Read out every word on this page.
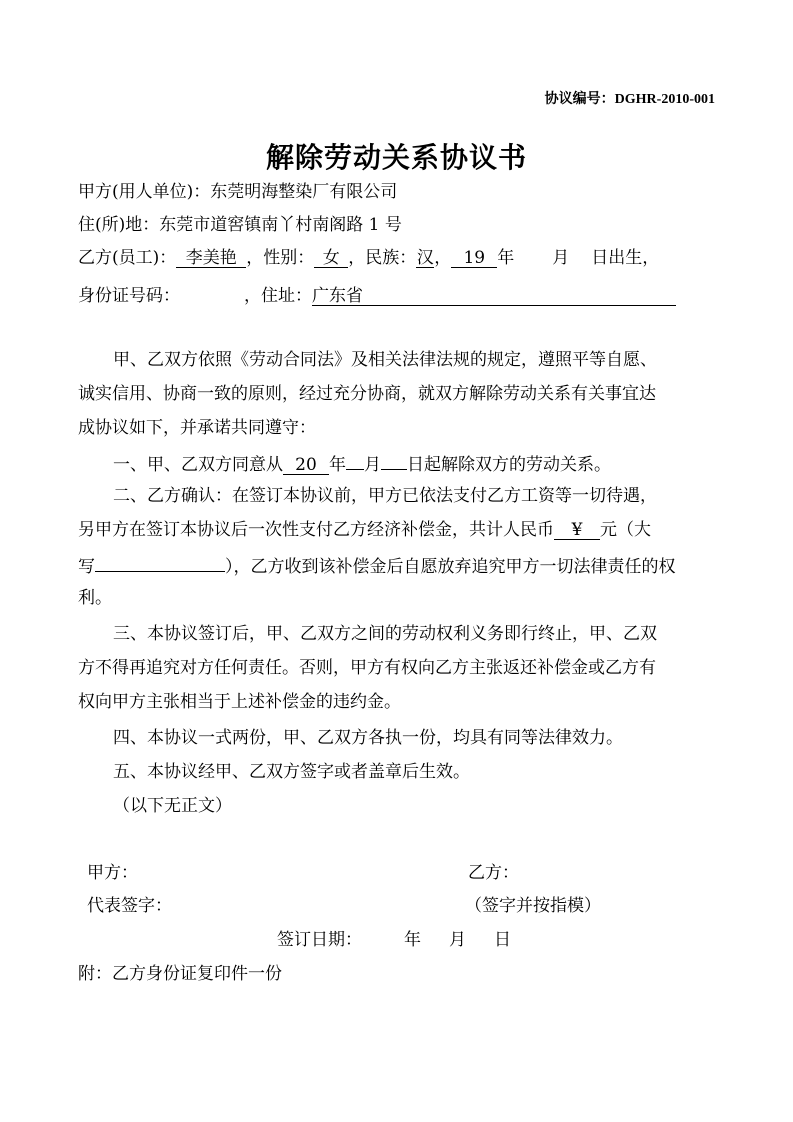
协议编号：DGHR-2010-001
解除劳动关系协议书
甲方(用人单位)：东莞明海整染厂有限公司
住(所)地：东莞市道窖镇南丫村南阁路 1 号
乙方(员工)： 李美艳 ，性别： 女 ，民族：汉， 19 年 月 日出生，
身份证号码：	，住址：广东省
甲、乙双方依照《劳动合同法》及相关法律法规的规定，遵照平等自愿、
诚实信用、协商一致的原则，经过充分协商，就双方解除劳动关系有关事宜达
成协议如下，并承诺共同遵守：
一、甲、乙双方同意从 20 年 月 日起解除双方的劳动关系。
二、乙方确认：在签订本协议前，甲方已依法支付乙方工资等一切待遇，
另甲方在签订本协议后一次性支付乙方经济补偿金，共计人民币 ¥ 元（大
写	），乙方收到该补偿金后自愿放弃追究甲方一切法律责任的权
利。
三、本协议签订后，甲、乙双方之间的劳动权利义务即行终止，甲、乙双
方不得再追究对方任何责任。否则，甲方有权向乙方主张返还补偿金或乙方有
权向甲方主张相当于上述补偿金的违约金。
四、本协议一式两份，甲、乙双方各执一份，均具有同等法律效力。
五、本协议经甲、乙双方签字或者盖章后生效。
（以下无正文）
甲方：	乙方：
代表签字：	（签字并按指模）
签订日期： 年 月 日
附：乙方身份证复印件一份
